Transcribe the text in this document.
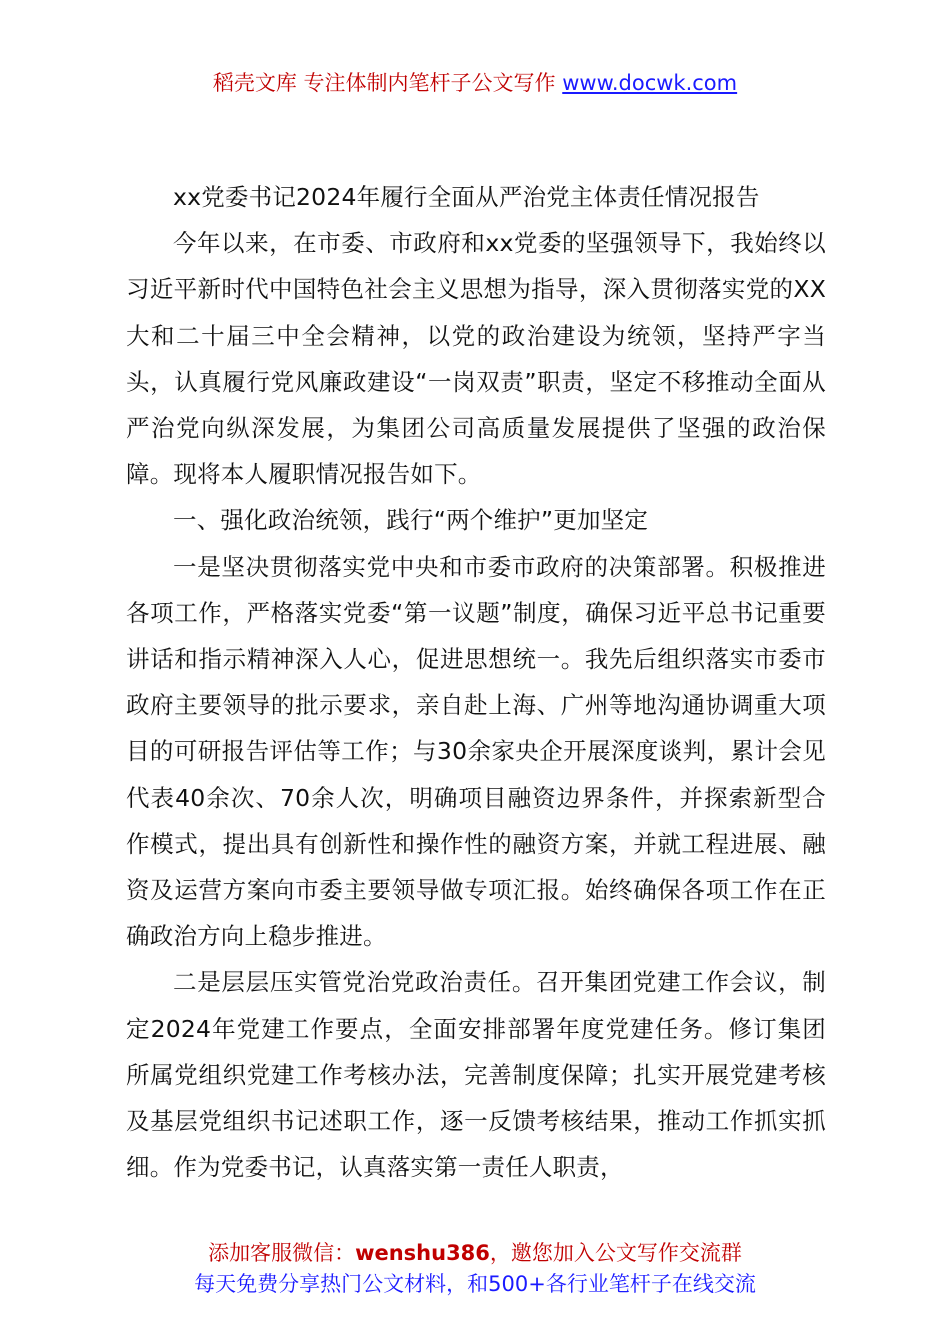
稻壳文库 专注体制内笔杆子公文写作 www.docwk.com

xx党委书记2024年履行全面从严治党主体责任情况报告

今年以来，在市委、市政府和xx党委的坚强领导下，我始终以习近平新时代中国特色社会主义思想为指导，深入贯彻落实党的XX大和二十届三中全会精神，以党的政治建设为统领，坚持严字当头，认真履行党风廉政建设“一岗双责”职责，坚定不移推动全面从严治党向纵深发展，为集团公司高质量发展提供了坚强的政治保障。现将本人履职情况报告如下。

一、强化政治统领，践行“两个维护”更加坚定

一是坚决贯彻落实党中央和市委市政府的决策部署。积极推进各项工作，严格落实党委“第一议题”制度，确保习近平总书记重要讲话和指示精神深入人心，促进思想统一。我先后组织落实市委市政府主要领导的批示要求，亲自赴上海、广州等地沟通协调重大项目的可研报告评估等工作；与30余家央企开展深度谈判，累计会见代表40余次、70余人次，明确项目融资边界条件，并探索新型合作模式，提出具有创新性和操作性的融资方案，并就工程进展、融资及运营方案向市委主要领导做专项汇报。始终确保各项工作在正确政治方向上稳步推进。

二是层层压实管党治党政治责任。召开集团党建工作会议，制定2024年党建工作要点，全面安排部署年度党建任务。修订集团所属党组织党建工作考核办法，完善制度保障；扎实开展党建考核及基层党组织书记述职工作，逐一反馈考核结果，推动工作抓实抓细。作为党委书记，认真落实第一责任人职责，

添加客服微信：wenshu386，邀您加入公文写作交流群
每天免费分享热门公文材料，和500+各行业笔杆子在线交流
